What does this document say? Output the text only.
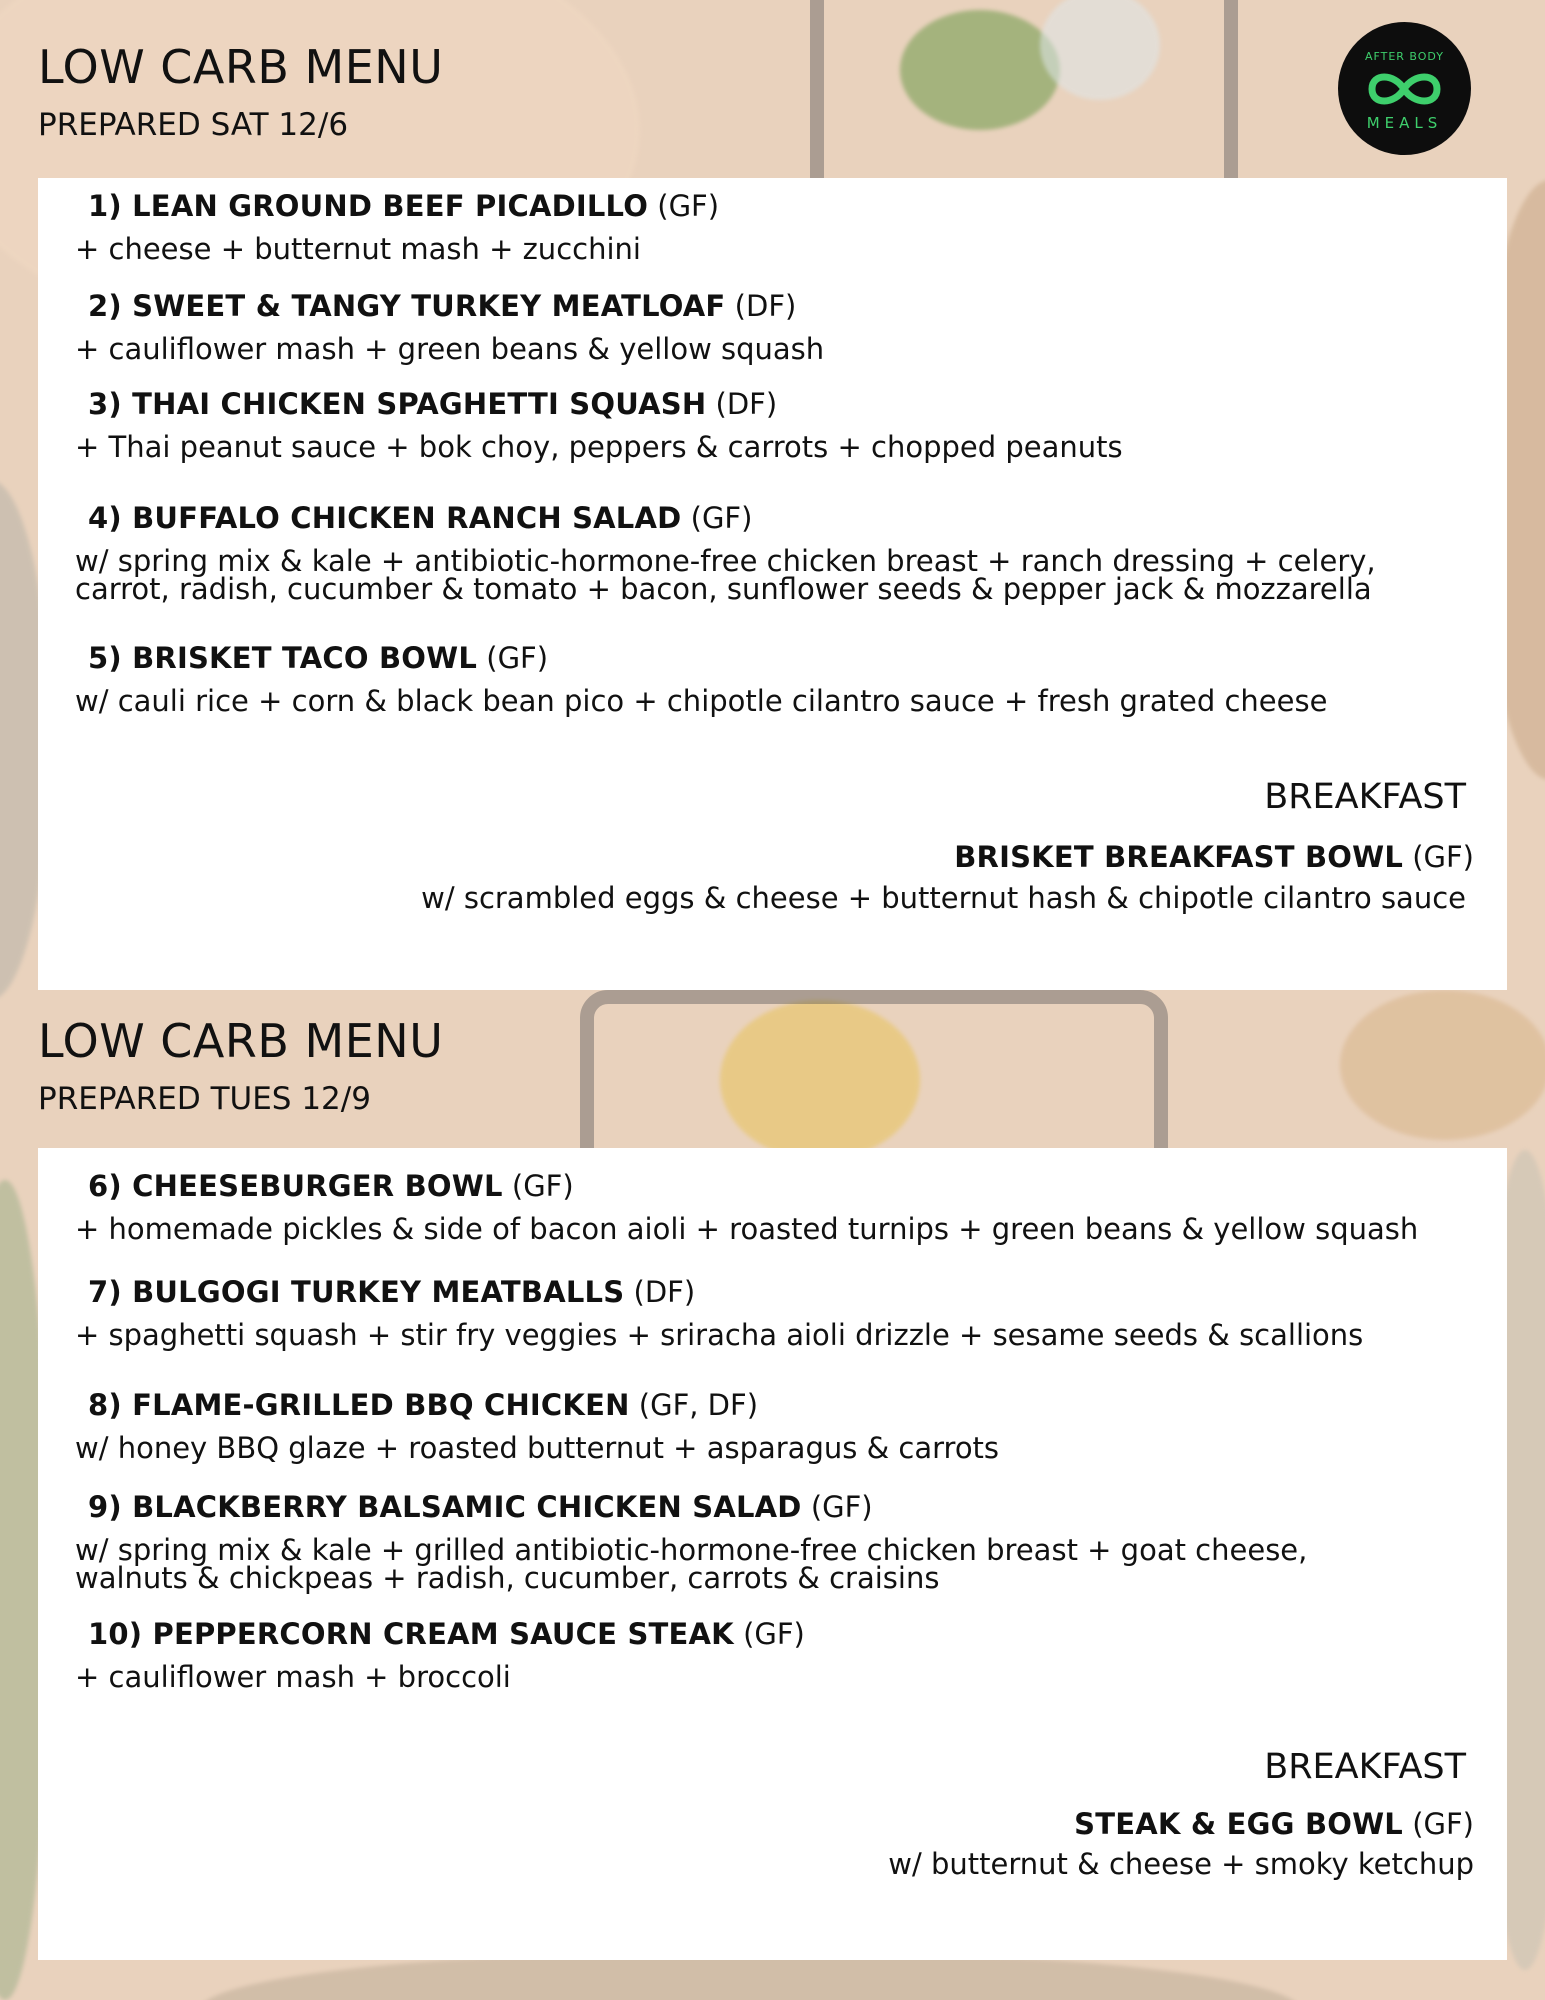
AFTER BODY
MEALS
LOW CARB MENU
PREPARED SAT 12/6
1) LEAN GROUND BEEF PICADILLO (GF)
+ cheese + butternut mash + zucchini
2) SWEET & TANGY TURKEY MEATLOAF (DF)
+ cauliflower mash + green beans & yellow squash
3) THAI CHICKEN SPAGHETTI SQUASH (DF)
+ Thai peanut sauce + bok choy, peppers & carrots + chopped peanuts
4) BUFFALO CHICKEN RANCH SALAD (GF)
w/ spring mix & kale + antibiotic-hormone-free chicken breast + ranch dressing + celery,
carrot, radish, cucumber & tomato + bacon, sunflower seeds & pepper jack & mozzarella
5) BRISKET TACO BOWL (GF)
w/ cauli rice + corn & black bean pico + chipotle cilantro sauce + fresh grated cheese
BREAKFAST
BRISKET BREAKFAST BOWL (GF)
w/ scrambled eggs & cheese + butternut hash & chipotle cilantro sauce
LOW CARB MENU
PREPARED TUES 12/9
6) CHEESEBURGER BOWL (GF)
+ homemade pickles & side of bacon aioli + roasted turnips + green beans & yellow squash
7) BULGOGI TURKEY MEATBALLS (DF)
+ spaghetti squash + stir fry veggies + sriracha aioli drizzle + sesame seeds & scallions
8) FLAME-GRILLED BBQ CHICKEN (GF, DF)
w/ honey BBQ glaze + roasted butternut + asparagus & carrots
9) BLACKBERRY BALSAMIC CHICKEN SALAD (GF)
w/ spring mix & kale + grilled antibiotic-hormone-free chicken breast + goat cheese,
walnuts & chickpeas + radish, cucumber, carrots & craisins
10) PEPPERCORN CREAM SAUCE STEAK (GF)
+ cauliflower mash + broccoli
BREAKFAST
STEAK & EGG BOWL (GF)
w/ butternut & cheese + smoky ketchup
